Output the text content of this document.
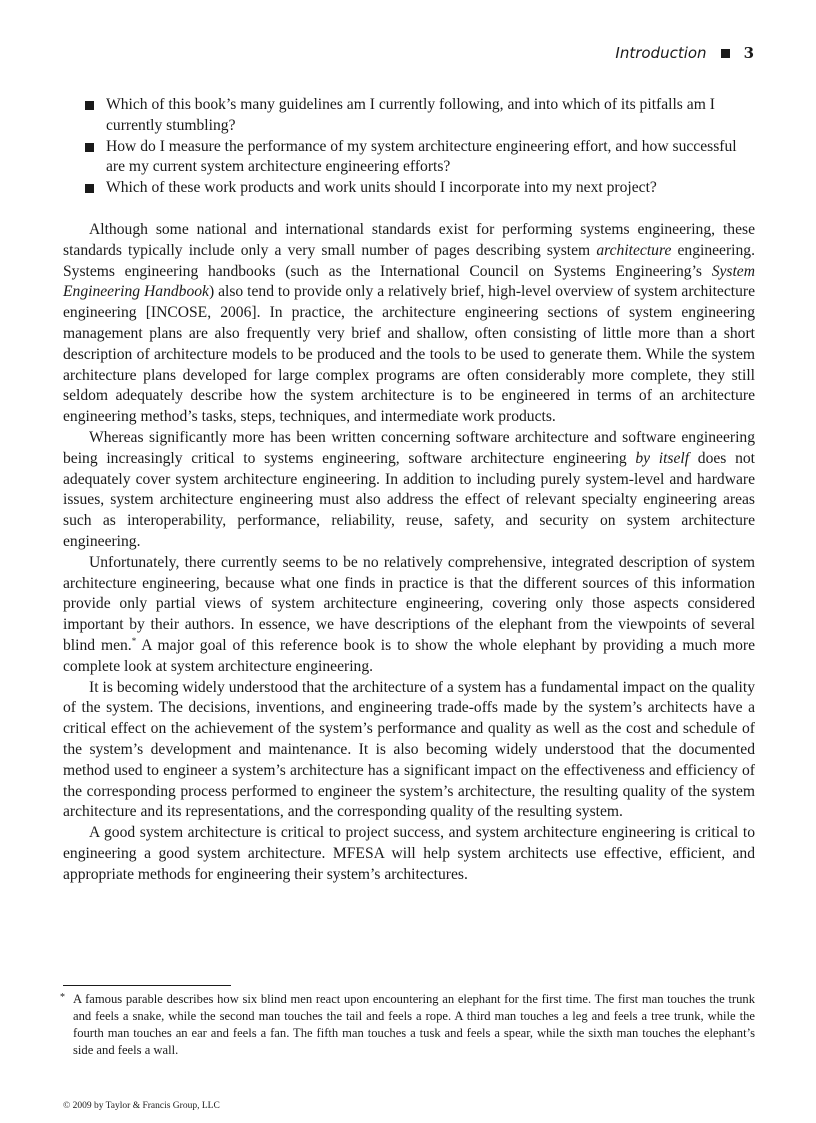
Introduction 3
Which of this book’s many guidelines am I currently following, and into which of its pitfalls am I currently stumbling?
How do I measure the performance of my system architecture engineering effort, and how successful are my current system architecture engineering efforts?
Which of these work products and work units should I incorporate into my next project?

Although some national and international standards exist for performing systems engineering, these standards typically include only a very small number of pages describing system architecture engineering. Systems engineering handbooks (such as the International Council on Systems Engineering’s System Engineering Handbook) also tend to provide only a relatively brief, high-level overview of system architecture engineering [INCOSE, 2006]. In practice, the architecture engineering sections of system engineering management plans are also frequently very brief and shallow, often consisting of little more than a short description of architecture models to be produced and the tools to be used to generate them. While the system architecture plans developed for large complex programs are often considerably more complete, they still seldom adequately describe how the system architecture is to be engineered in terms of an architecture engineering method’s tasks, steps, techniques, and intermediate work products.

Whereas significantly more has been written concerning software architecture and software engineering being increasingly critical to systems engineering, software architecture engineering by itself does not adequately cover system architecture engineering. In addition to including purely system-level and hardware issues, system architecture engineering must also address the effect of relevant specialty engineering areas such as interoperability, performance, reliability, reuse, safety, and security on system architecture engineering.

Unfortunately, there currently seems to be no relatively comprehensive, integrated description of system architecture engineering, because what one finds in practice is that the different sources of this information provide only partial views of system architecture engineering, covering only those aspects considered important by their authors. In essence, we have descriptions of the elephant from the viewpoints of several blind men.* A major goal of this reference book is to show the whole elephant by providing a much more complete look at system architecture engineering.

It is becoming widely understood that the architecture of a system has a fundamental impact on the quality of the system. The decisions, inventions, and engineering trade-offs made by the system’s architects have a critical effect on the achievement of the system’s performance and quality as well as the cost and schedule of the system’s development and maintenance. It is also becoming widely understood that the documented method used to engineer a system’s architecture has a significant impact on the effectiveness and efficiency of the corresponding process performed to engineer the system’s architecture, the resulting quality of the system architecture and its representations, and the corresponding quality of the resulting system.

A good system architecture is critical to project success, and system architecture engineering is critical to engineering a good system architecture. MFESA will help system architects use effective, efficient, and appropriate methods for engineering their system’s architectures.

* A famous parable describes how six blind men react upon encountering an elephant for the first time. The first man touches the trunk and feels a snake, while the second man touches the tail and feels a rope. A third man touches a leg and feels a tree trunk, while the fourth man touches an ear and feels a fan. The fifth man touches a tusk and feels a spear, while the sixth man touches the elephant’s side and feels a wall.
© 2009 by Taylor & Francis Group, LLC
